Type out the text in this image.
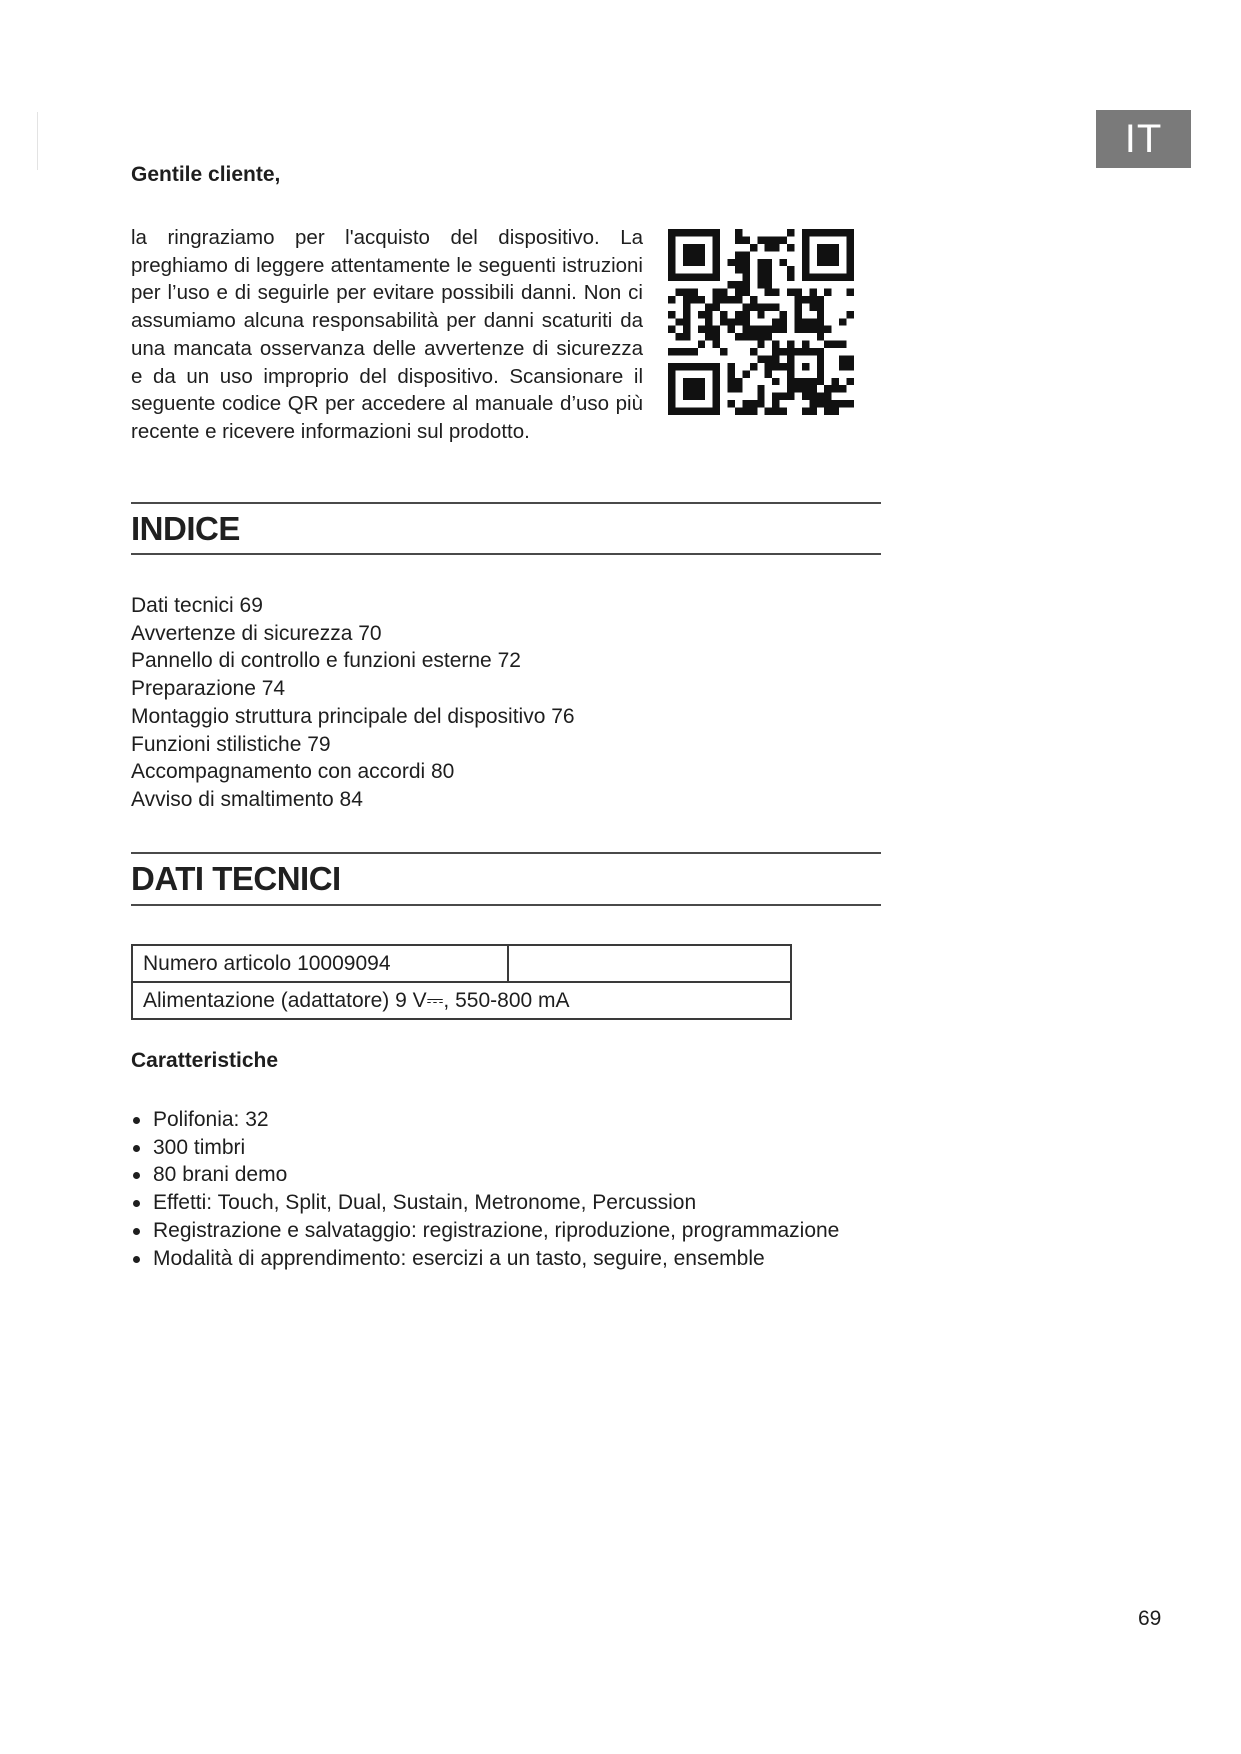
IT

Gentile cliente,

la ringraziamo per l'acquisto del dispositivo. La preghiamo di leggere attentamente le seguenti istruzioni per l’uso e di seguirle per evitare possibili danni. Non ci assumiamo alcuna responsabilità per danni scaturiti da una mancata osservanza delle avvertenze di sicurezza e da un uso improprio del dispositivo. Scansionare il seguente codice QR per accedere al manuale d’uso più recente e ricevere informazioni sul prodotto.

INDICE
Dati tecnici 69
Avvertenze di sicurezza 70
Pannello di controllo e funzioni esterne 72
Preparazione 74
Montaggio struttura principale del dispositivo 76
Funzioni stilistiche 79
Accompagnamento con accordi 80
Avviso di smaltimento 84
DATI TECNICI
Numero articolo 10009094	
Alimentazione (adattatore) 9 V⎓, 550-800 mA

Caratteristiche

Polifonia: 32
300 timbri
80 brani demo
Effetti: Touch, Split, Dual, Sustain, Metronome, Percussion
Registrazione e salvataggio: registrazione, riproduzione, programmazione
Modalità di apprendimento: esercizi a un tasto, seguire, ensemble

69
